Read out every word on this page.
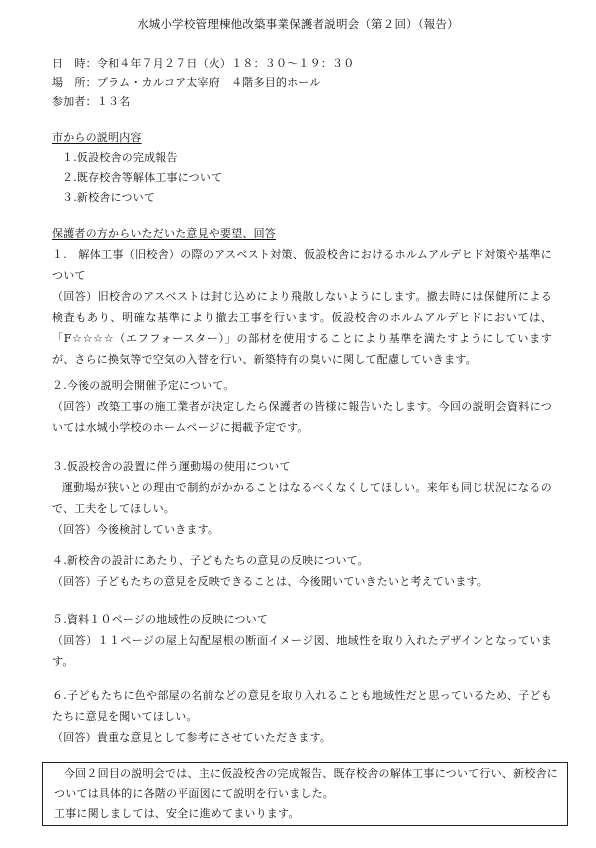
水城小学校管理棟他改築事業保護者説明会（第２回）（報告）
日　時：令和４年７月２７日（火）１８：３０～１９：３０
場　所：プラム・カルコア太宰府　４階多目的ホール
参加者：１３名
市からの説明内容
１.仮設校舎の完成報告
２.既存校舎等解体工事について
３.新校舎について
保護者の方からいただいた意見や要望、回答

１.　解体工事（旧校舎）の際のアスベスト対策、仮設校舎におけるホルムアルデヒド対策や基準について

（回答）旧校舎のアスベストは封じ込めにより飛散しないようにします。撤去時には保健所による検査もあり、明確な基準により撤去工事を行います。仮設校舎のホルムアルデヒドにおいては、「F☆☆☆☆（エフフォースター）」の部材を使用することにより基準を満たすようにしていますが、さらに換気等で空気の入替を行い、新築特有の臭いに関して配慮していきます。

２.今後の説明会開催予定について。

（回答）改築工事の施工業者が決定したら保護者の皆様に報告いたします。今回の説明会資料については水城小学校のホームページに掲載予定です。

３.仮設校舎の設置に伴う運動場の使用について

運動場が狭いとの理由で制約がかかることはなるべくなくしてほしい。来年も同じ状況になるので、工夫をしてほしい。

（回答）今後検討していきます。

４.新校舎の設計にあたり、子どもたちの意見の反映について。

（回答）子どもたちの意見を反映できることは、今後聞いていきたいと考えています。

５.資料１０ページの地域性の反映について

（回答）１１ページの屋上勾配屋根の断面イメージ図、地域性を取り入れたデザインとなっています。

６.子どもたちに色や部屋の名前などの意見を取り入れることも地域性だと思っているため、子どもたちに意見を聞いてほしい。

（回答）貴重な意見として参考にさせていただきます。

今回２回目の説明会では、主に仮設校舎の完成報告、既存校舎の解体工事について行い、新校舎については具体的に各階の平面図にて説明を行いました。
工事に関しましては、安全に進めてまいります。
